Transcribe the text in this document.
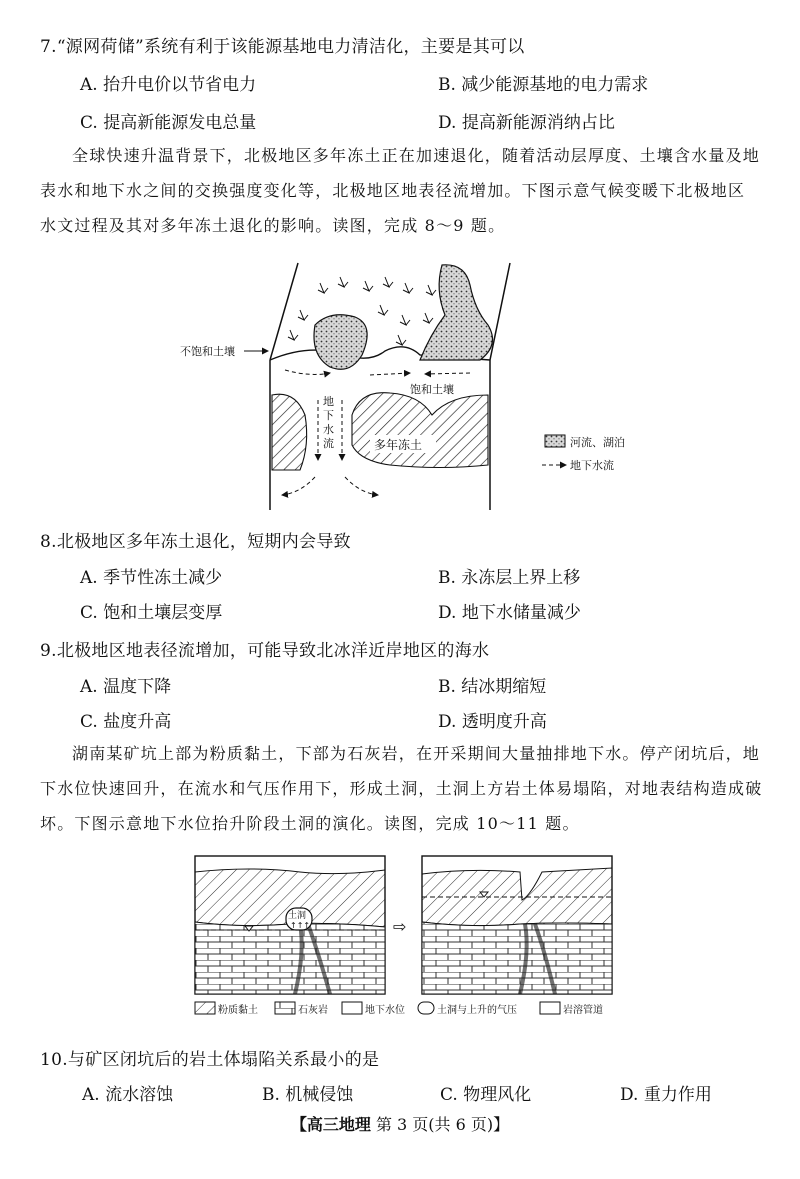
7.“源网荷储”系统有利于该能源基地电力清洁化，主要是其可以
A. 抬升电价以节省电力	B. 减少能源基地的电力需求
C. 提高新能源发电总量	D. 提高新能源消纳占比

全球快速升温背景下，北极地区多年冻土正在加速退化，随着活动层厚度、土壤含水量及地

表水和地下水之间的交换强度变化等，北极地区地表径流增加。下图示意气候变暖下北极地区

水文过程及其对多年冻土退化的影响。读图，完成 8～9 题。

不饱和土壤
饱和土壤
多年冻土
地
下
水
流	河流、湖泊
地下水流
8.北极地区多年冻土退化，短期内会导致
A. 季节性冻土减少	B. 永冻层上界上移
C. 饱和土壤层变厚	D. 地下水储量减少
9.北极地区地表径流增加，可能导致北冰洋近岸地区的海水
A. 温度下降	B. 结冰期缩短
C. 盐度升高	D. 透明度升高

湖南某矿坑上部为粉质黏土，下部为石灰岩，在开采期间大量抽排地下水。停产闭坑后，地

下水位快速回升，在流水和气压作用下，形成土洞，土洞上方岩土体易塌陷，对地表结构造成破

坏。下图示意地下水位抬升阶段土洞的演化。读图，完成 10～11 题。

土洞
↑↑↑	⇨
粉质黏土	石灰岩	地下水位	土洞与上升的气压	岩溶管道
10.与矿区闭坑后的岩土体塌陷关系最小的是
A. 流水溶蚀	B. 机械侵蚀	C. 物理风化	D. 重力作用
【高三地理 第 3 页(共 6 页)】
